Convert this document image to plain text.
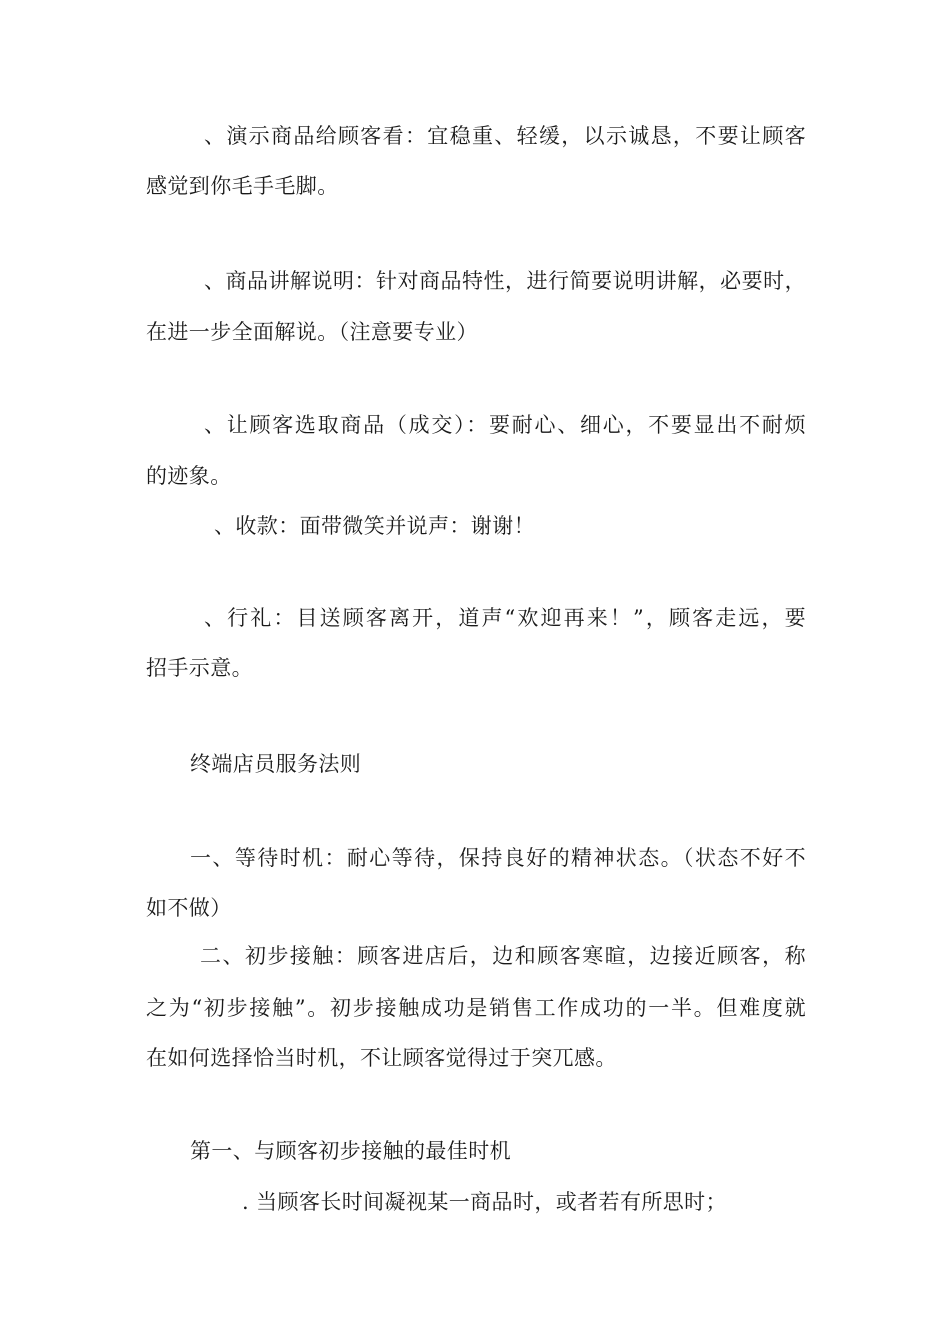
、演示商品给顾客看：宜稳重、轻缓，以示诚恳，不要让顾客
感觉到你毛手毛脚。
、商品讲解说明：针对商品特性，进行简要说明讲解，必要时，
在进一步全面解说。（注意要专业）
、让顾客选取商品（成交）：要耐心、细心，不要显出不耐烦
的迹象。
、收款：面带微笑并说声：谢谢！
、行礼：目送顾客离开，道声“欢迎再来！”，顾客走远，要
招手示意。
终端店员服务法则
一、等待时机：耐心等待，保持良好的精神状态。（状态不好不
如不做）
二、初步接触：顾客进店后，边和顾客寒暄，边接近顾客，称
之为“初步接触”。初步接触成功是销售工作成功的一半。但难度就
在如何选择恰当时机，不让顾客觉得过于突兀感。
第一、与顾客初步接触的最佳时机
. 当顾客长时间凝视某一商品时，或者若有所思时；
